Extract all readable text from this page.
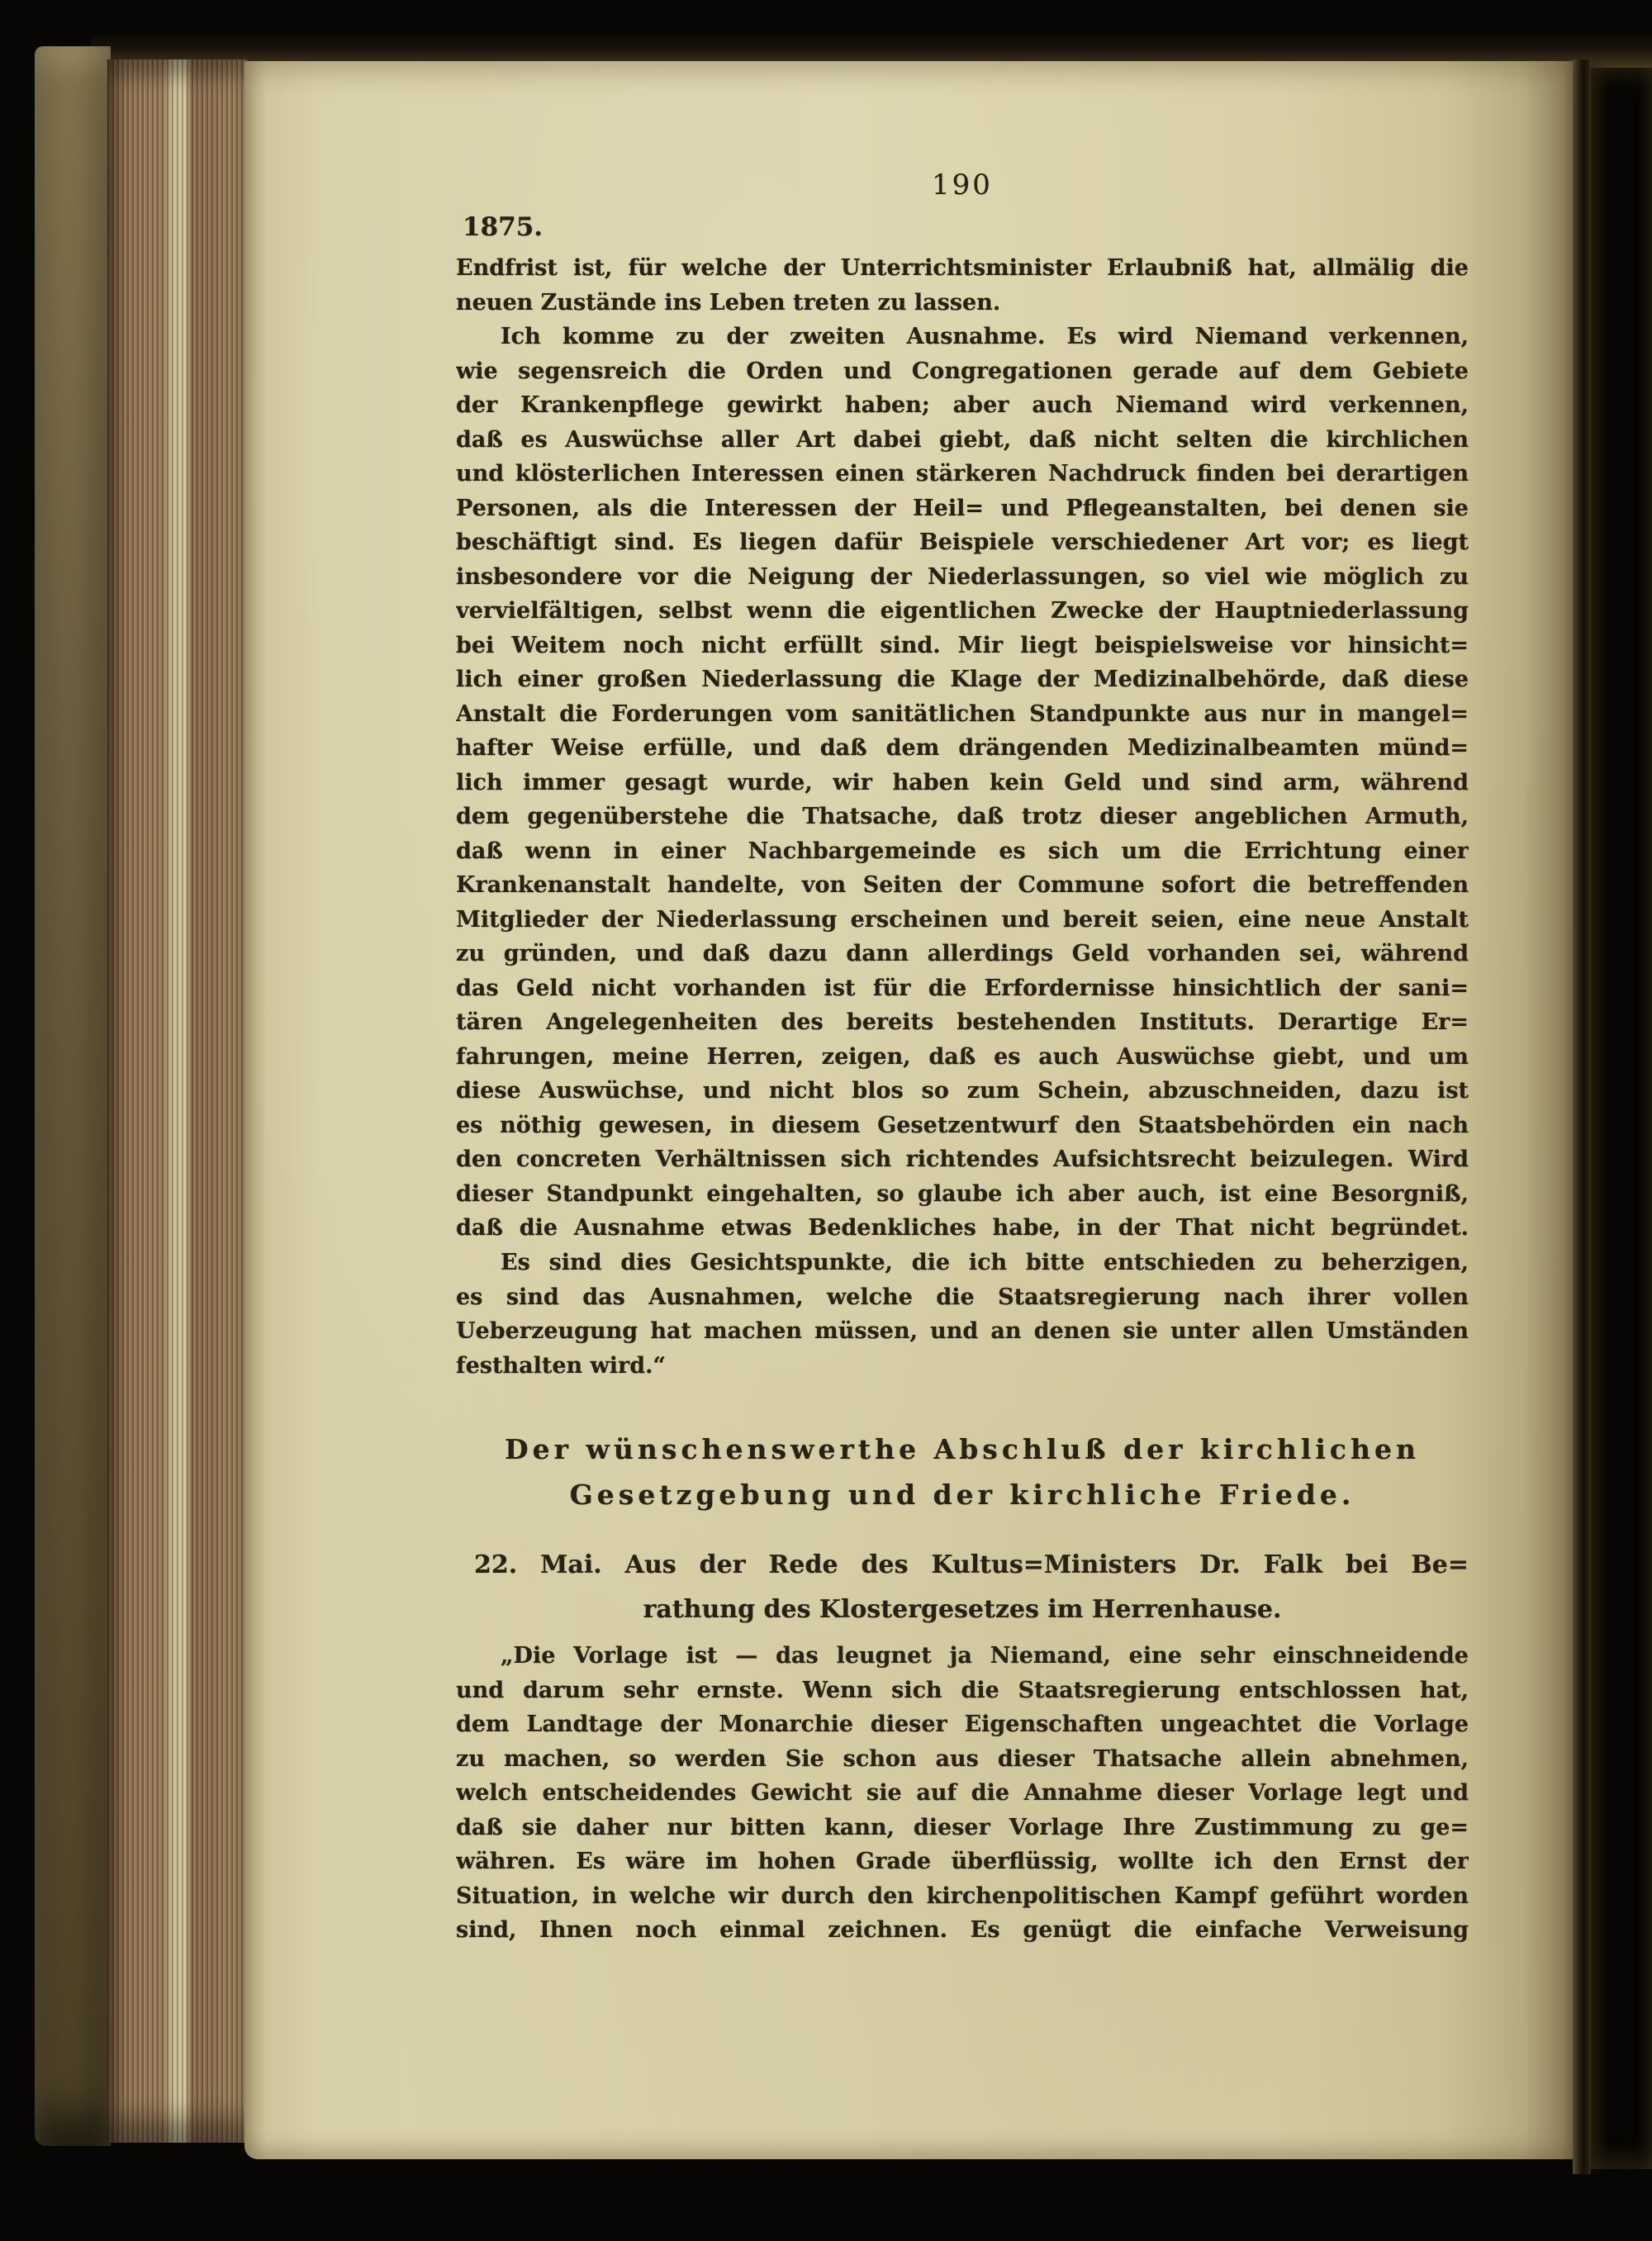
190
1875.
Endfrist ist, für welche der Unterrichtsminister Erlaubniß hat, allmälig die
neuen Zustände ins Leben treten zu lassen.
Ich komme zu der zweiten Ausnahme. Es wird Niemand verkennen,
wie segensreich die Orden und Congregationen gerade auf dem Gebiete
der Krankenpflege gewirkt haben; aber auch Niemand wird verkennen,
daß es Auswüchse aller Art dabei giebt, daß nicht selten die kirchlichen
und klösterlichen Interessen einen stärkeren Nachdruck finden bei derartigen
Personen, als die Interessen der Heil= und Pflegeanstalten, bei denen sie
beschäftigt sind. Es liegen dafür Beispiele verschiedener Art vor; es liegt
insbesondere vor die Neigung der Niederlassungen, so viel wie möglich zu
vervielfältigen, selbst wenn die eigentlichen Zwecke der Hauptniederlassung
bei Weitem noch nicht erfüllt sind. Mir liegt beispielsweise vor hinsicht=
lich einer großen Niederlassung die Klage der Medizinalbehörde, daß diese
Anstalt die Forderungen vom sanitätlichen Standpunkte aus nur in mangel=
hafter Weise erfülle, und daß dem drängenden Medizinalbeamten münd=
lich immer gesagt wurde, wir haben kein Geld und sind arm, während
dem gegenüberstehe die Thatsache, daß trotz dieser angeblichen Armuth,
daß wenn in einer Nachbargemeinde es sich um die Errichtung einer
Krankenanstalt handelte, von Seiten der Commune sofort die betreffenden
Mitglieder der Niederlassung erscheinen und bereit seien, eine neue Anstalt
zu gründen, und daß dazu dann allerdings Geld vorhanden sei, während
das Geld nicht vorhanden ist für die Erfordernisse hinsichtlich der sani=
tären Angelegenheiten des bereits bestehenden Instituts. Derartige Er=
fahrungen, meine Herren, zeigen, daß es auch Auswüchse giebt, und um
diese Auswüchse, und nicht blos so zum Schein, abzuschneiden, dazu ist
es nöthig gewesen, in diesem Gesetzentwurf den Staatsbehörden ein nach
den concreten Verhältnissen sich richtendes Aufsichtsrecht beizulegen. Wird
dieser Standpunkt eingehalten, so glaube ich aber auch, ist eine Besorgniß,
daß die Ausnahme etwas Bedenkliches habe, in der That nicht begründet.
Es sind dies Gesichtspunkte, die ich bitte entschieden zu beherzigen,
es sind das Ausnahmen, welche die Staatsregierung nach ihrer vollen
Ueberzeugung hat machen müssen, und an denen sie unter allen Umständen
festhalten wird.“
Der wünschenswerthe Abschluß der kirchlichen
Gesetzgebung und der kirchliche Friede.
22. Mai. Aus der Rede des Kultus=Ministers Dr. Falk bei Be=
rathung des Klostergesetzes im Herrenhause.
„Die Vorlage ist — das leugnet ja Niemand, eine sehr einschneidende
und darum sehr ernste. Wenn sich die Staatsregierung entschlossen hat,
dem Landtage der Monarchie dieser Eigenschaften ungeachtet die Vorlage
zu machen, so werden Sie schon aus dieser Thatsache allein abnehmen,
welch entscheidendes Gewicht sie auf die Annahme dieser Vorlage legt und
daß sie daher nur bitten kann, dieser Vorlage Ihre Zustimmung zu ge=
währen. Es wäre im hohen Grade überflüssig, wollte ich den Ernst der
Situation, in welche wir durch den kirchenpolitischen Kampf geführt worden
sind, Ihnen noch einmal zeichnen. Es genügt die einfache Verweisung
